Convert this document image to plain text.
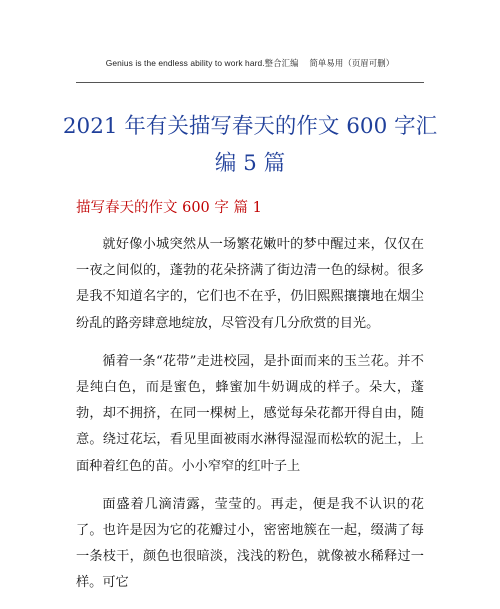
Genius is the endless ability to work hard.整合汇编　 简单易用（页眉可删）
2021 年有关描写春天的作文 600 字汇编 5 篇
描写春天的作文 600 字 篇 1

就好像小城突然从一场繁花嫩叶的梦中醒过来，仅仅在一夜之间似的，蓬勃的花朵挤满了街边清一色的绿树。很多是我不知道名字的，它们也不在乎，仍旧熙熙攘攘地在烟尘纷乱的路旁肆意地绽放，尽管没有几分欣赏的目光。

循着一条“花带”走进校园，是扑面而来的玉兰花。并不是纯白色，而是蜜色，蜂蜜加牛奶调成的样子。朵大，蓬勃，却不拥挤，在同一棵树上，感觉每朵花都开得自由，随意。绕过花坛，看见里面被雨水淋得湿湿而松软的泥土，上面种着红色的苗。小小窄窄的红叶子上

面盛着几滴清露，莹莹的。再走，便是我不认识的花了。也许是因为它的花瓣过小，密密地簇在一起，缀满了每一条枝干，颜色也很暗淡，浅浅的粉色，就像被水稀释过一样。可它
